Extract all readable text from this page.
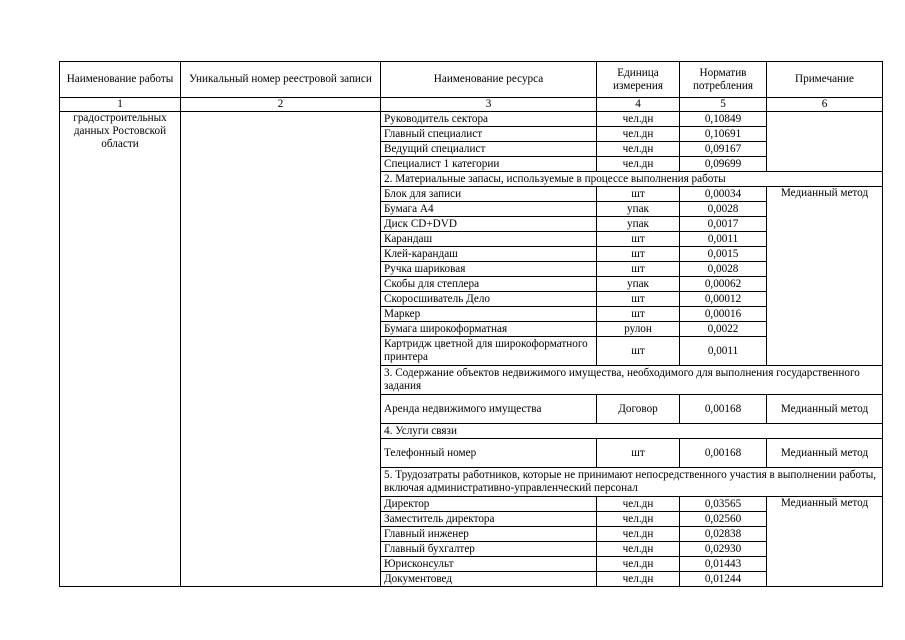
Наименование работы	Уникальный номер реестровой записи	Наименование ресурса	Единица измерения	Норматив потребления	Примечание
1	2	3	4	5	6
градостроительных данных Ростовской области		Руководитель сектора	чел.дн	0,10849	
		Главный специалист	чел.дн	0,10691	
		Ведущий специалист	чел.дн	0,09167	
		Специалист 1 категории	чел.дн	0,09699	
		2. Материальные запасы, используемые в процессе выполнения работы			
		Блок для записи	шт	0,00034	Медианный метод
		Бумага А4	упак	0,0028	
		Диск CD+DVD	упак	0,0017	
		Карандаш	шт	0,0011	
		Клей-карандаш	шт	0,0015	
		Ручка шариковая	шт	0,0028	
		Скобы для степлера	упак	0,00062	
		Скоросшиватель Дело	шт	0,00012	
		Маркер	шт	0,00016	
		Бумага широкоформатная	рулон	0,0022	
		Картридж цветной для широкоформатного принтера	шт	0,0011	
		3. Содержание объектов недвижимого имущества, необходимого для выполнения государственного задания			
		Аренда недвижимого имущества	Договор	0,00168	Медианный метод
		4. Услуги связи			
		Телефонный номер	шт	0,00168	Медианный метод
		5. Трудозатраты работников, которые не принимают непосредственного участия в выполнении работы, включая административно-управленческий персонал			
		Директор	чел.дн	0,03565	Медианный метод
		Заместитель директора	чел.дн	0,02560	
		Главный инженер	чел.дн	0,02838	
		Главный бухгалтер	чел.дн	0,02930	
		Юрисконсульт	чел.дн	0,01443	
		Документовед	чел.дн	0,01244	
